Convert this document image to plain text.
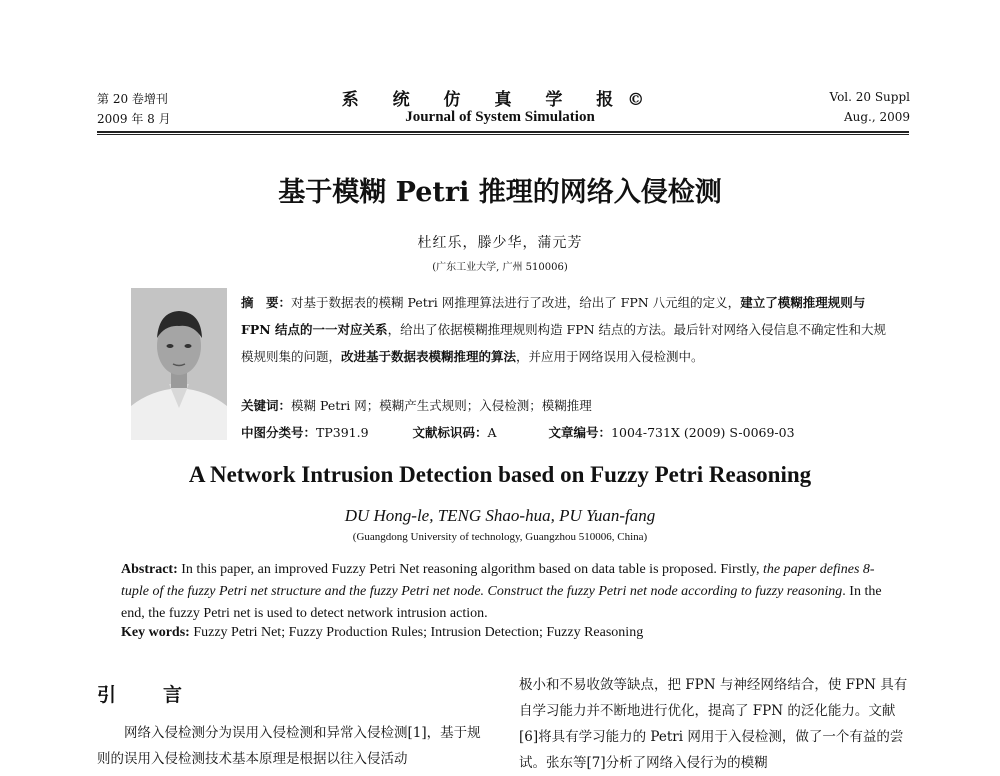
第 20 卷增刊
2009 年 8 月
系 统 仿 真 学 报©
Journal of System Simulation
Vol. 20 Suppl
Aug., 2009
基于模糊 Petri 推理的网络入侵检测
杜红乐，滕少华，蒲元芳
(广东工业大学, 广州 510006)
摘　要：对基于数据表的模糊 Petri 网推理算法进行了改进，给出了 FPN 八元组的定义，建立了模糊推理规则与 FPN 结点的一一对应关系，给出了依据模糊推理规则构造 FPN 结点的方法。最后针对网络入侵信息不确定性和大规模规则集的问题，改进基于数据表模糊推理的算法，并应用于网络误用入侵检测中。
关键词：模糊 Petri 网；模糊产生式规则；入侵检测；模糊推理
中图分类号：TP391.9	文献标识码：A	文章编号：1004-731X (2009) S-0069-03
A Network Intrusion Detection based on Fuzzy Petri Reasoning
DU Hong-le, TENG Shao-hua, PU Yuan-fang
(Guangdong University of technology, Guangzhou 510006, China)
Abstract: In this paper, an improved Fuzzy Petri Net reasoning algorithm based on data table is proposed. Firstly, the paper defines 8-tuple of the fuzzy Petri net structure and the fuzzy Petri net node. Construct the fuzzy Petri net node according to fuzzy reasoning. In the end, the fuzzy Petri net is used to detect network intrusion action.
Key words: Fuzzy Petri Net; Fuzzy Production Rules; Intrusion Detection; Fuzzy Reasoning
引　言
网络入侵检测分为误用入侵检测和异常入侵检测[1]，基于规则的误用入侵检测技术基本原理是根据以往入侵活动
极小和不易收敛等缺点，把 FPN 与神经网络结合，使 FPN 具有自学习能力并不断地进行优化，提高了 FPN 的泛化能力。文献[6]将具有学习能力的 Petri 网用于入侵检测，做了一个有益的尝试。张东等[7]分析了网络入侵行为的模糊
